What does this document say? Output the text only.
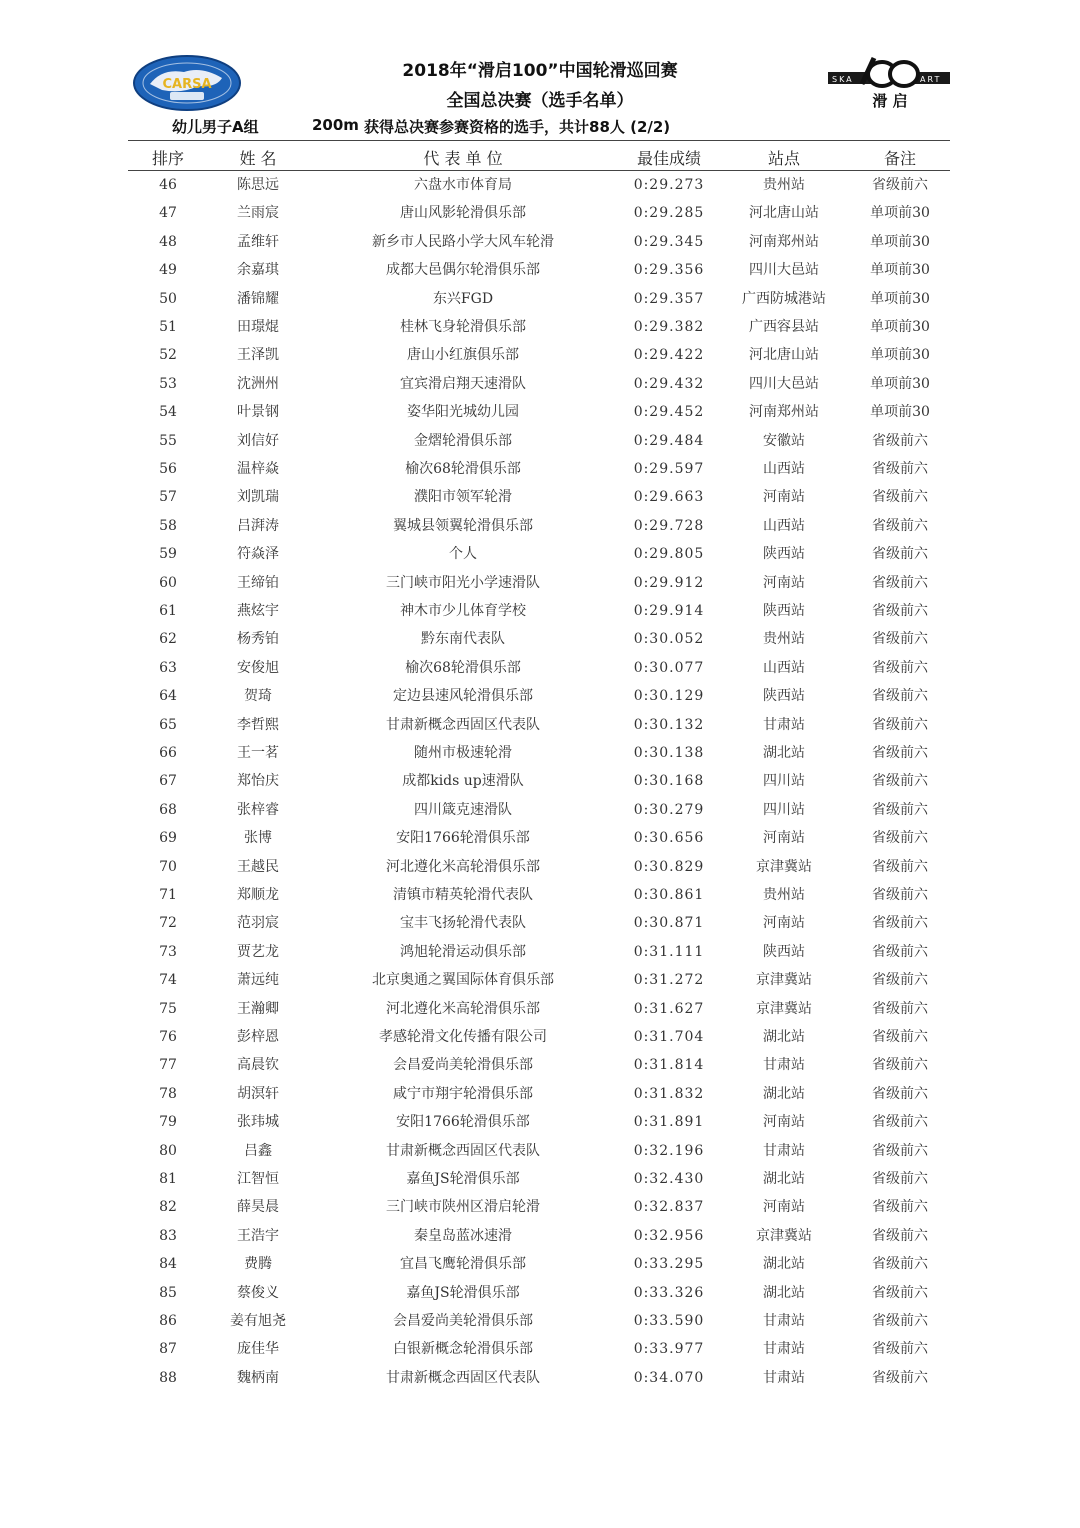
CARSA	SKA	ART
滑 启
2018年“滑启100”中国轮滑巡回赛
全国总决赛（选手名单）
幼儿男子A组	200m 获得总决赛参赛资格的选手，共计88人 (2/2)
排序	姓 名	代 表 单 位	最佳成绩	站点	备注
46	陈思远	六盘水市体育局	0:29.273	贵州站	省级前六
47	兰雨宸	唐山风影轮滑俱乐部	0:29.285	河北唐山站	单项前30
48	孟维轩	新乡市人民路小学大风车轮滑	0:29.345	河南郑州站	单项前30
49	余嘉琪	成都大邑偶尔轮滑俱乐部	0:29.356	四川大邑站	单项前30
50	潘锦耀	东兴FGD	0:29.357	广西防城港站	单项前30
51	田璟焜	桂林飞身轮滑俱乐部	0:29.382	广西容县站	单项前30
52	王泽凯	唐山小红旗俱乐部	0:29.422	河北唐山站	单项前30
53	沈洲州	宜宾滑启翔天速滑队	0:29.432	四川大邑站	单项前30
54	叶景钢	姿华阳光城幼儿园	0:29.452	河南郑州站	单项前30
55	刘信好	金熠轮滑俱乐部	0:29.484	安徽站	省级前六
56	温梓焱	榆次68轮滑俱乐部	0:29.597	山西站	省级前六
57	刘凯瑞	濮阳市领军轮滑	0:29.663	河南站	省级前六
58	吕湃涛	翼城县领翼轮滑俱乐部	0:29.728	山西站	省级前六
59	符焱泽	个人	0:29.805	陕西站	省级前六
60	王缔铂	三门峡市阳光小学速滑队	0:29.912	河南站	省级前六
61	燕炫宇	神木市少儿体育学校	0:29.914	陕西站	省级前六
62	杨秀铂	黔东南代表队	0:30.052	贵州站	省级前六
63	安俊旭	榆次68轮滑俱乐部	0:30.077	山西站	省级前六
64	贺琦	定边县速风轮滑俱乐部	0:30.129	陕西站	省级前六
65	李哲熙	甘肃新概念西固区代表队	0:30.132	甘肃站	省级前六
66	王一茗	随州市极速轮滑	0:30.138	湖北站	省级前六
67	郑怡庆	成都kids up速滑队	0:30.168	四川站	省级前六
68	张梓睿	四川箴克速滑队	0:30.279	四川站	省级前六
69	张博	安阳1766轮滑俱乐部	0:30.656	河南站	省级前六
70	王越民	河北遵化米高轮滑俱乐部	0:30.829	京津冀站	省级前六
71	郑顺龙	清镇市精英轮滑代表队	0:30.861	贵州站	省级前六
72	范羽宸	宝丰飞扬轮滑代表队	0:30.871	河南站	省级前六
73	贾艺龙	鸿旭轮滑运动俱乐部	0:31.111	陕西站	省级前六
74	萧远纯	北京奥通之翼国际体育俱乐部	0:31.272	京津冀站	省级前六
75	王瀚卿	河北遵化米高轮滑俱乐部	0:31.627	京津冀站	省级前六
76	彭梓恩	孝感轮滑文化传播有限公司	0:31.704	湖北站	省级前六
77	高晨钦	会昌爱尚美轮滑俱乐部	0:31.814	甘肃站	省级前六
78	胡溟轩	咸宁市翔宇轮滑俱乐部	0:31.832	湖北站	省级前六
79	张玮城	安阳1766轮滑俱乐部	0:31.891	河南站	省级前六
80	吕鑫	甘肃新概念西固区代表队	0:32.196	甘肃站	省级前六
81	江智恒	嘉鱼JS轮滑俱乐部	0:32.430	湖北站	省级前六
82	薛昊晨	三门峡市陕州区滑启轮滑	0:32.837	河南站	省级前六
83	王浩宇	秦皇岛蓝冰速滑	0:32.956	京津冀站	省级前六
84	费腾	宜昌飞鹰轮滑俱乐部	0:33.295	湖北站	省级前六
85	蔡俊义	嘉鱼JS轮滑俱乐部	0:33.326	湖北站	省级前六
86	姜有旭尧	会昌爱尚美轮滑俱乐部	0:33.590	甘肃站	省级前六
87	庞佳华	白银新概念轮滑俱乐部	0:33.977	甘肃站	省级前六
88	魏柄南	甘肃新概念西固区代表队	0:34.070	甘肃站	省级前六
